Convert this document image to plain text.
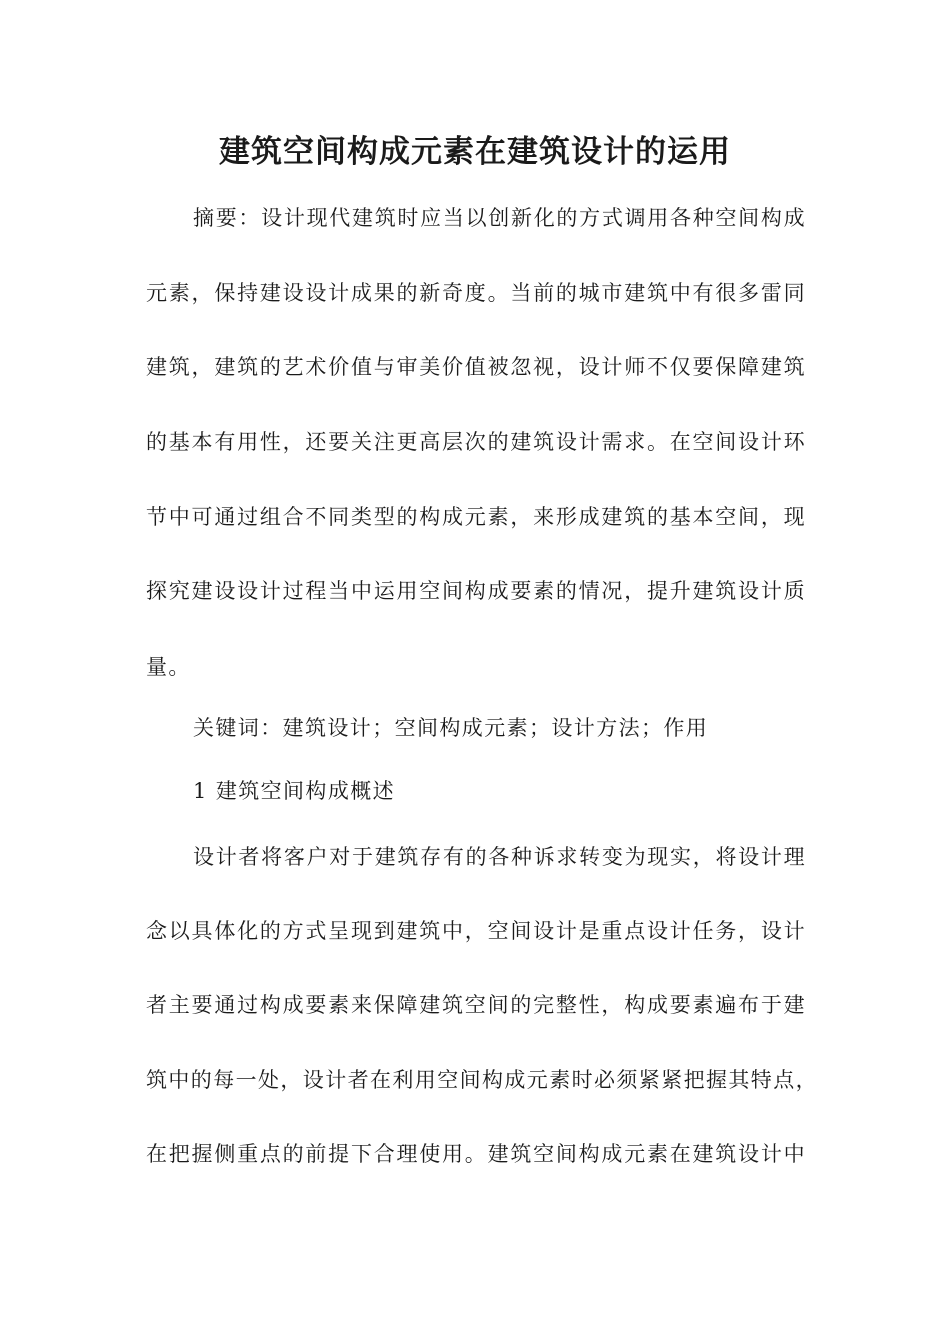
建筑空间构成元素在建筑设计的运用
摘要：设计现代建筑时应当以创新化的方式调用各种空间构成
元素，保持建设设计成果的新奇度。当前的城市建筑中有很多雷同
建筑，建筑的艺术价值与审美价值被忽视，设计师不仅要保障建筑
的基本有用性，还要关注更高层次的建筑设计需求。在空间设计环
节中可通过组合不同类型的构成元素，来形成建筑的基本空间，现
探究建设设计过程当中运用空间构成要素的情况，提升建筑设计质
量。
关键词：建筑设计；空间构成元素；设计方法；作用
1 建筑空间构成概述
设计者将客户对于建筑存有的各种诉求转变为现实，将设计理
念以具体化的方式呈现到建筑中，空间设计是重点设计任务，设计
者主要通过构成要素来保障建筑空间的完整性，构成要素遍布于建
筑中的每一处，设计者在利用空间构成元素时必须紧紧把握其特点，
在把握侧重点的前提下合理使用。建筑空间构成元素在建筑设计中
